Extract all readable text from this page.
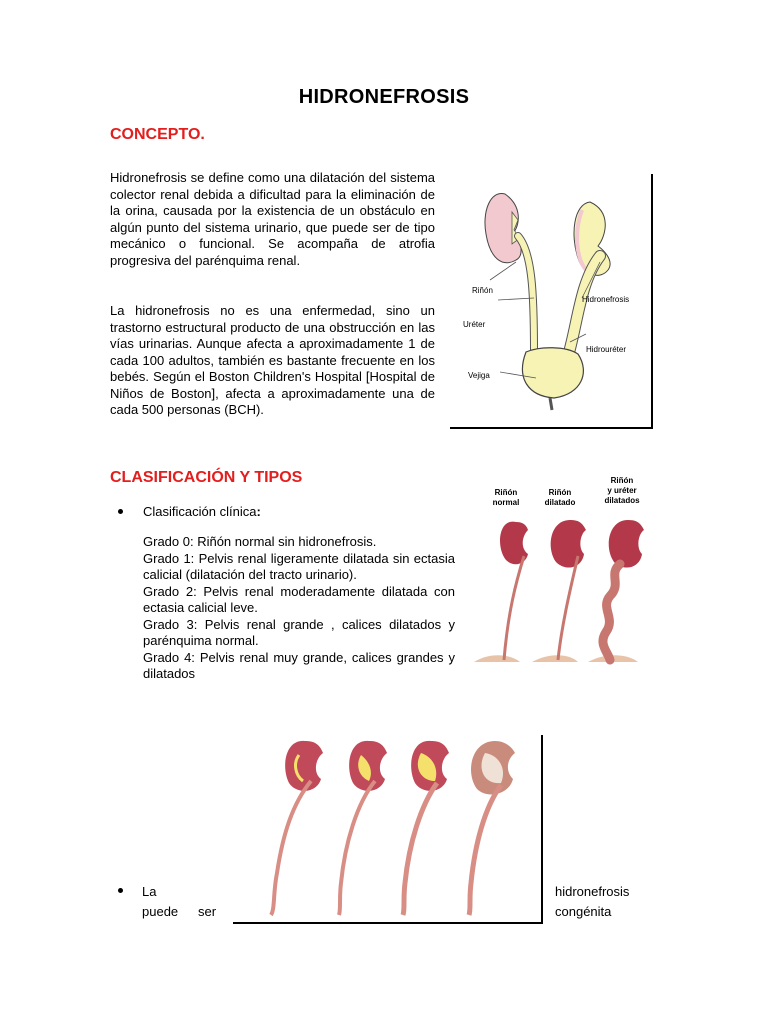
HIDRONEFROSIS
CONCEPTO.
Hidronefrosis se define como una dilatación del sistema colector renal debida a dificultad para la eliminación de la orina, causada por la existencia de un obstáculo en algún punto del sistema urinario, que puede ser de tipo mecánico o funcional. Se acompaña de atrofia progresiva del parénquima renal.
La hidronefrosis no es una enfermedad, sino un trastorno estructural producto de una obstrucción en las vías urinarias. Aunque afecta a aproximadamente 1 de cada 100 adultos, también es bastante frecuente en los bebés. Según el Boston Children's Hospital [Hospital de Niños de Boston], afecta a aproximadamente una de cada 500 personas (BCH).
Riñón
Uréter
Vejiga
Hidronefrosis
Hidrouréter
CLASIFICACIÓN Y TIPOS
Clasificación clínica:

Grado 0: Riñón normal sin hidronefrosis.

Grado 1: Pelvis renal ligeramente dilatada sin ectasia calicial (dilatación del tracto urinario).

Grado 2: Pelvis renal moderadamente dilatada con ectasia calicial leve.

Grado 3: Pelvis renal grande , calices dilatados y parénquima normal.

Grado 4: Pelvis renal muy grande, calices grandes y dilatados

Riñón
normal
Riñón
dilatado
Riñón
y uréter
dilatados
La
puede ser
hidronefrosis
congénita
